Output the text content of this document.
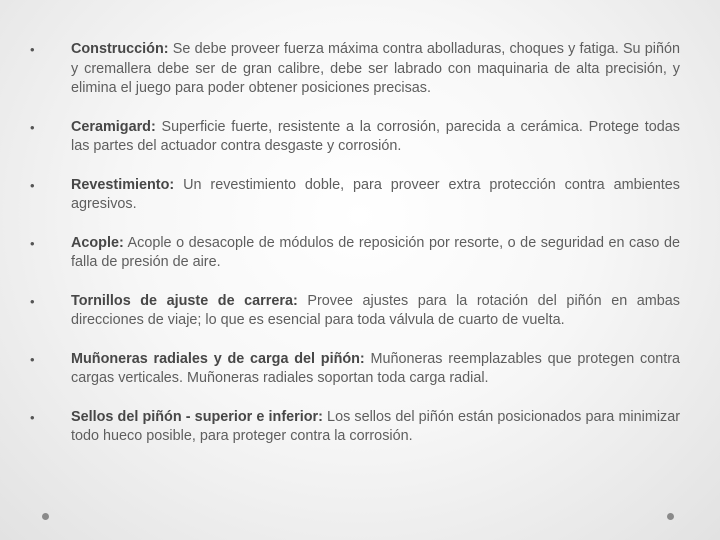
•	Construcción: Se debe proveer fuerza máxima contra abolladuras, choques y fatiga. Su piñón y cremallera debe ser de gran calibre, debe ser labrado con maquinaria de alta precisión, y elimina el juego para poder obtener posiciones precisas.
•	Ceramigard: Superficie fuerte, resistente a la corrosión, parecida a cerámica. Protege todas las partes del actuador contra desgaste y corrosión.
•	Revestimiento: Un revestimiento doble, para proveer extra protección contra ambientes agresivos.
•	Acople: Acople o desacople de módulos de reposición por resorte, o de seguridad en caso de falla de presión de aire.
•	Tornillos de ajuste de carrera: Provee ajustes para la rotación del piñón en ambas direcciones de viaje; lo que es esencial para toda válvula de cuarto de vuelta.
•	Muñoneras radiales y de carga del piñón: Muñoneras reemplazables que protegen contra cargas verticales. Muñoneras radiales soportan toda carga radial.
•	Sellos del piñón - superior e inferior: Los sellos del piñón están posicionados para minimizar todo hueco posible, para proteger contra la corrosión.
